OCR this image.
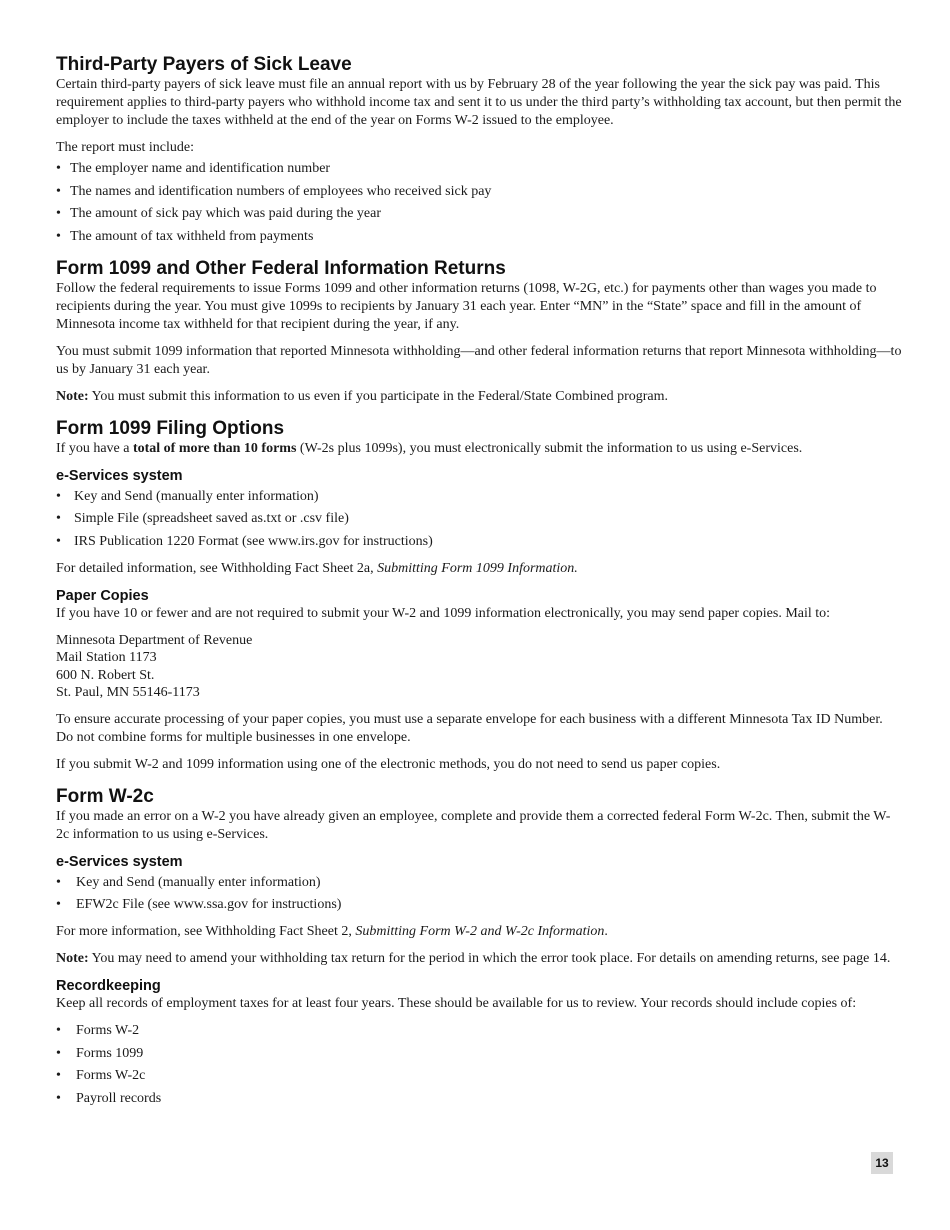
Third-Party Payers of Sick Leave

Certain third-party payers of sick leave must file an annual report with us by February 28 of the year following the year the sick pay was paid. This requirement applies to third-party payers who withhold income tax and sent it to us under the third party’s withholding tax account, but then permit the employer to include the taxes withheld at the end of the year on Forms W-2 issued to the employee.

The report must include:

• The employer name and identification number
• The names and identification numbers of employees who received sick pay
• The amount of sick pay which was paid during the year
• The amount of tax withheld from payments
Form 1099 and Other Federal Information Returns

Follow the federal requirements to issue Forms 1099 and other information returns (1098, W-2G, etc.) for payments other than wages you made to recipients during the year. You must give 1099s to recipients by January 31 each year. Enter “MN” in the “State” space and fill in the amount of Minnesota income tax withheld for that recipient during the year, if any.

You must submit 1099 information that reported Minnesota withholding—and other federal information returns that report Minnesota withholding—to us by January 31 each year.

Note: You must submit this information to us even if you participate in the Federal/State Combined program.

Form 1099 Filing Options

If you have a total of more than 10 forms (W-2s plus 1099s), you must electronically submit the information to us using e-Services.

e-Services system
• Key and Send (manually enter information)
• Simple File (spreadsheet saved as.txt or .csv file)
• IRS Publication 1220 Format (see www.irs.gov for instructions)

For detailed information, see Withholding Fact Sheet 2a, Submitting Form 1099 Information.

Paper Copies

If you have 10 or fewer and are not required to submit your W-2 and 1099 information electronically, you may send paper copies. Mail to:

Minnesota Department of Revenue

Mail Station 1173

600 N. Robert St.

St. Paul, MN 55146-1173

To ensure accurate processing of your paper copies, you must use a separate envelope for each business with a different Minnesota Tax ID Number. Do not combine forms for multiple businesses in one envelope.

If you submit W-2 and 1099 information using one of the electronic methods, you do not need to send us paper copies.

Form W-2c

If you made an error on a W-2 you have already given an employee, complete and provide them a corrected federal Form W-2c. Then, submit the W-2c information to us using e-Services.

e-Services system
• Key and Send (manually enter information)
• EFW2c File (see www.ssa.gov for instructions)

For more information, see Withholding Fact Sheet 2, Submitting Form W-2 and W-2c Information.

Note: You may need to amend your withholding tax return for the period in which the error took place. For details on amending returns, see page 14.

Recordkeeping

Keep all records of employment taxes for at least four years. These should be available for us to review. Your records should include copies of:

• Forms W-2
• Forms 1099
• Forms W-2c
• Payroll records
13
